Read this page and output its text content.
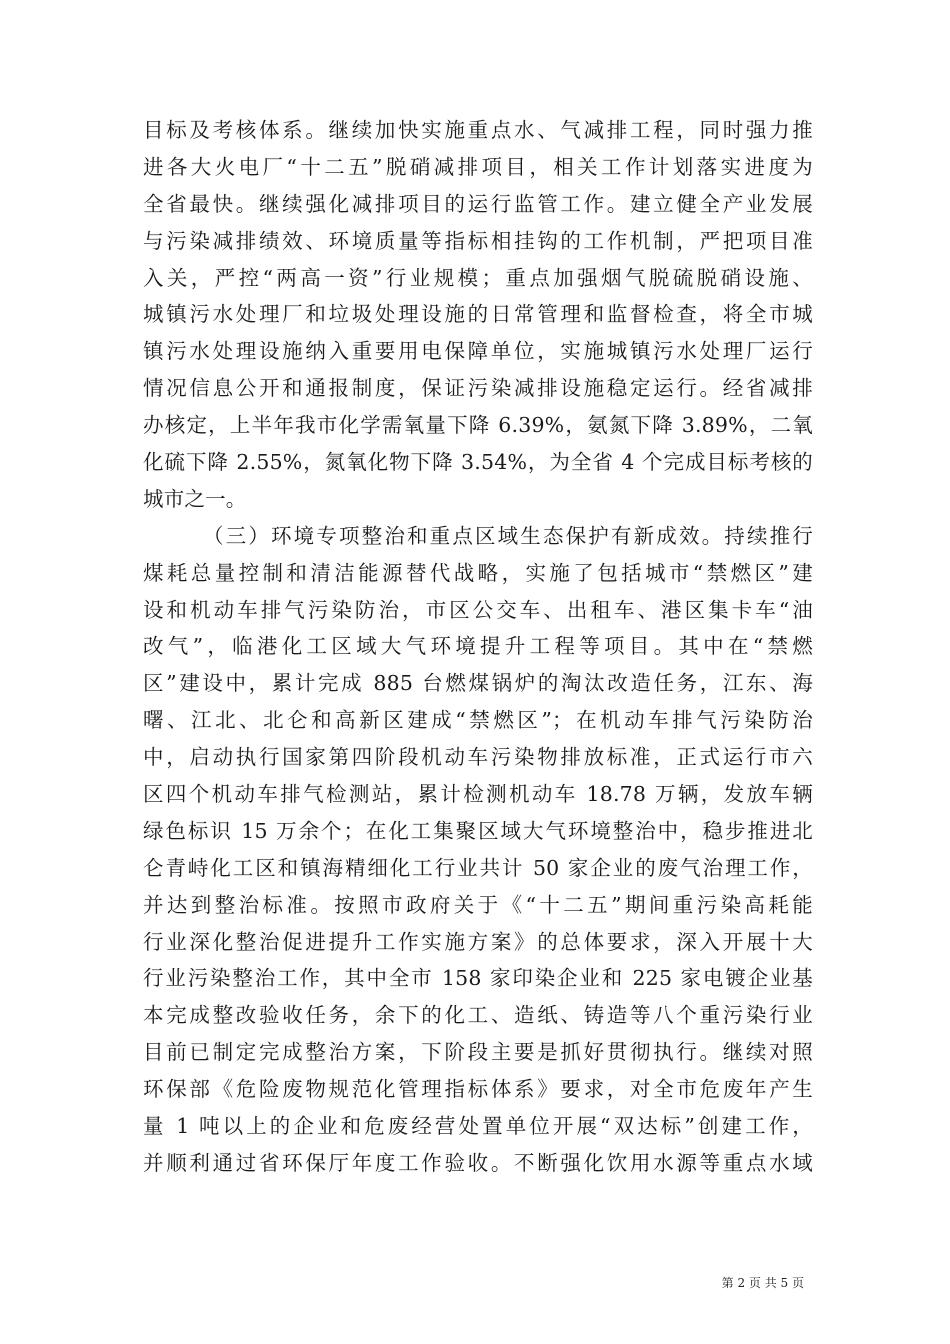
目标及考核体系。继续加快实施重点水、气减排工程，同时强力推
进各大火电厂“十二五”脱硝减排项目，相关工作计划落实进度为
全省最快。继续强化减排项目的运行监管工作。建立健全产业发展
与污染减排绩效、环境质量等指标相挂钩的工作机制，严把项目准
入关，严控“两高一资”行业规模；重点加强烟气脱硫脱硝设施、
城镇污水处理厂和垃圾处理设施的日常管理和监督检查，将全市城
镇污水处理设施纳入重要用电保障单位，实施城镇污水处理厂运行
情况信息公开和通报制度，保证污染减排设施稳定运行。经省减排
办核定，上半年我市化学需氧量下降 6.39%，氨氮下降 3.89%，二氧
化硫下降 2.55%，氮氧化物下降 3.54%，为全省 4 个完成目标考核的
城市之一。
（三）环境专项整治和重点区域生态保护有新成效。持续推行
煤耗总量控制和清洁能源替代战略，实施了包括城市“禁燃区”建
设和机动车排气污染防治，市区公交车、出租车、港区集卡车“油
改气”，临港化工区域大气环境提升工程等项目。其中在“禁燃
区”建设中，累计完成 885 台燃煤锅炉的淘汰改造任务，江东、海
曙、江北、北仑和高新区建成“禁燃区”；在机动车排气污染防治
中，启动执行国家第四阶段机动车污染物排放标准，正式运行市六
区四个机动车排气检测站，累计检测机动车 18.78 万辆，发放车辆
绿色标识 15 万余个；在化工集聚区域大气环境整治中，稳步推进北
仑青峙化工区和镇海精细化工行业共计 50 家企业的废气治理工作，
并达到整治标准。按照市政府关于《“十二五”期间重污染高耗能
行业深化整治促进提升工作实施方案》的总体要求，深入开展十大
行业污染整治工作，其中全市 158 家印染企业和 225 家电镀企业基
本完成整改验收任务，余下的化工、造纸、铸造等八个重污染行业
目前已制定完成整治方案，下阶段主要是抓好贯彻执行。继续对照
环保部《危险废物规范化管理指标体系》要求，对全市危废年产生
量 1 吨以上的企业和危废经营处置单位开展“双达标”创建工作，
并顺利通过省环保厅年度工作验收。不断强化饮用水源等重点水域
第 2 页 共 5 页
